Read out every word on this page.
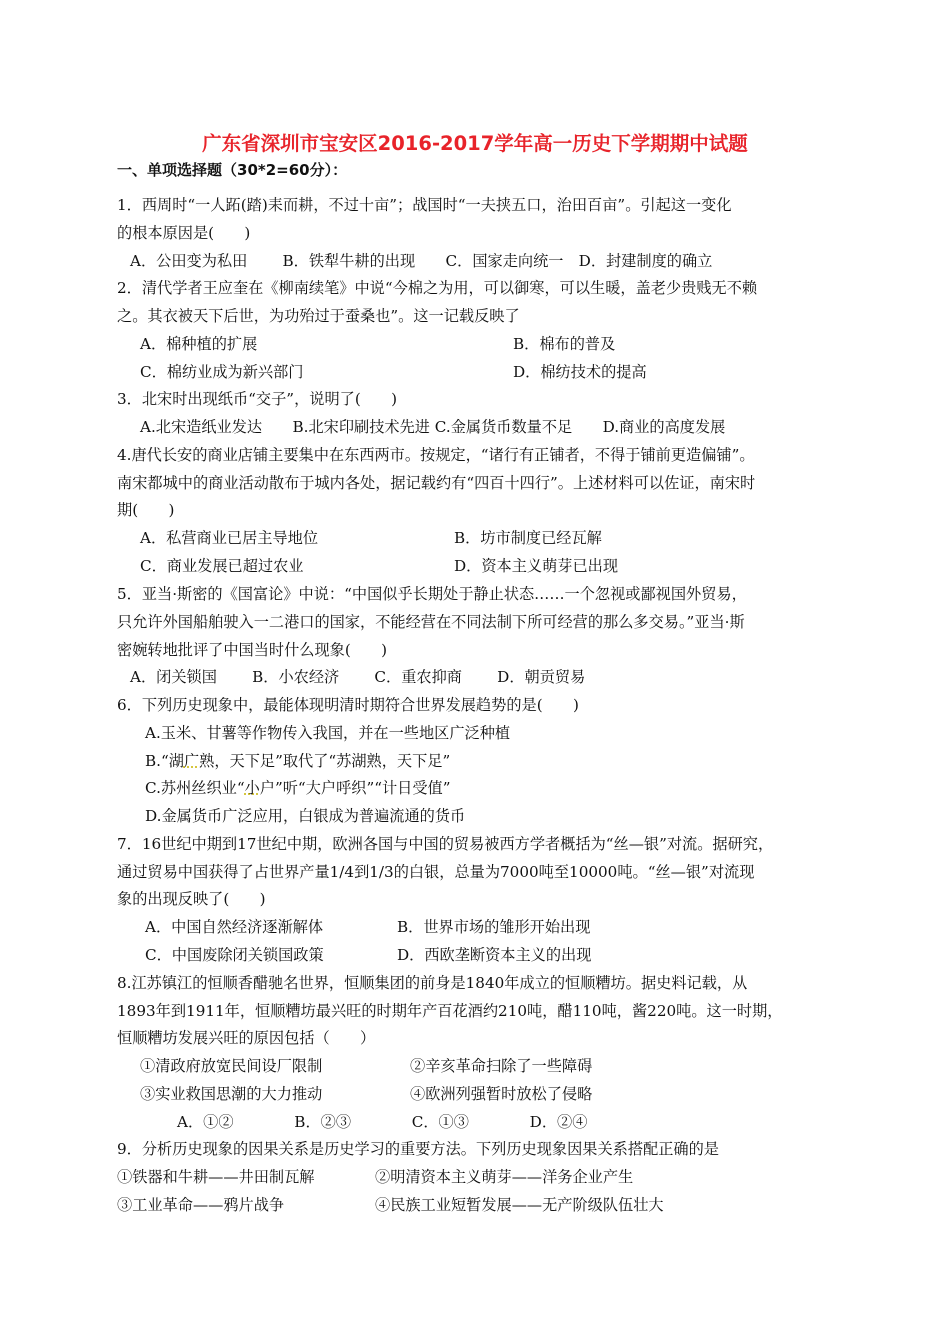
广东省深圳市宝安区2016-2017学年高一历史下学期期中试题
一、单项选择题（30*2=60分）：
1．西周时“一人跖(踏)耒而耕，不过十亩”；战国时“一夫挟五口，治田百亩”。引起这一变化
的根本原因是(　　)
A．公田变为私田　　 B．铁犁牛耕的出现　　C．国家走向统一　D．封建制度的确立
2．清代学者王应奎在《柳南续笔》中说“今棉之为用，可以御寒，可以生暖，盖老少贵贱无不赖
之。其衣被天下后世，为功殆过于蚕桑也”。这一记载反映了
A．棉种植的扩展	B．棉布的普及
C．棉纺业成为新兴部门	D．棉纺技术的提高
3．北宋时出现纸币“交子”，说明了(　　)
A.北宋造纸业发达　　B.北宋印刷技术先进 C.金属货币数量不足　　D.商业的高度发展
4.唐代长安的商业店铺主要集中在东西两市。按规定，“诸行有正铺者，不得于铺前更造偏铺”。
南宋都城中的商业活动散布于城内各处，据记载约有“四百十四行”。上述材料可以佐证，南宋时
期(　　)
A．私营商业已居主导地位	B．坊市制度已经瓦解
C．商业发展已超过农业	D．资本主义萌芽已出现
5．亚当·斯密的《国富论》中说：“中国似乎长期处于静止状态……一个忽视或鄙视国外贸易，
只允许外国船舶驶入一二港口的国家，不能经营在不同法制下所可经营的那么多交易。”亚当·斯
密婉转地批评了中国当时什么现象(　　)
A．闭关锁国　　 B．小农经济　　 C．重农抑商　　 D．朝贡贸易
6．下列历史现象中，最能体现明清时期符合世界发展趋势的是(　　)
A.玉米、甘薯等作物传入我国，并在一些地区广泛种植
B.“湖广熟，天下足”取代了“苏湖熟，天下足”
C.苏州丝织业“小户”听“大户呼织”“计日受值”
D.金属货币广泛应用，白银成为普遍流通的货币
7．16世纪中期到17世纪中期，欧洲各国与中国的贸易被西方学者概括为“丝—银”对流。据研究，
通过贸易中国获得了占世界产量1/4到1/3的白银，总量为7000吨至10000吨。“丝—银”对流现
象的出现反映了(　　)
A．中国自然经济逐渐解体	B．世界市场的雏形开始出现
C．中国废除闭关锁国政策	D．西欧垄断资本主义的出现
8.江苏镇江的恒顺香醋驰名世界，恒顺集团的前身是1840年成立的恒顺糟坊。据史料记载，从
1893年到1911年，恒顺糟坊最兴旺的时期年产百花酒约210吨，醋110吨，酱220吨。这一时期，
恒顺糟坊发展兴旺的原因包括（　　）
①清政府放宽民间设厂限制	②辛亥革命扫除了一些障碍
③实业救国思潮的大力推动	④欧洲列强暂时放松了侵略
A．①②　　　　B．②③　　　　C．①③　　　　D．②④
9．分析历史现象的因果关系是历史学习的重要方法。下列历史现象因果关系搭配正确的是
①铁器和牛耕——井田制瓦解	②明清资本主义萌芽——洋务企业产生
③工业革命——鸦片战争	④民族工业短暂发展——无产阶级队伍壮大
